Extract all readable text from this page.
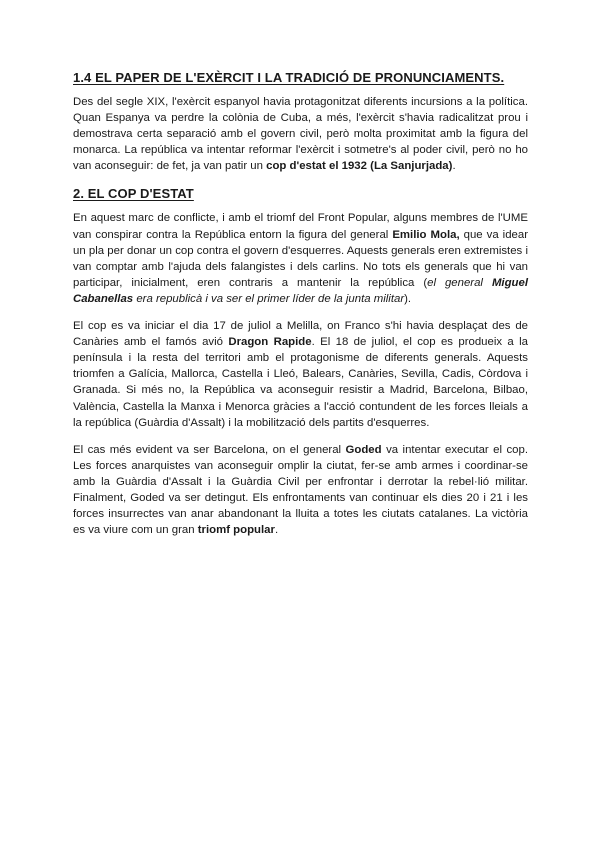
1.4 EL PAPER DE L'EXÈRCIT I LA TRADICIÓ DE PRONUNCIAMENTS.

Des del segle XIX, l'exèrcit espanyol havia protagonitzat diferents incursions a la política. Quan Espanya va perdre la colònia de Cuba, a més, l'exèrcit s'havia radicalitzat prou i demostrava certa separació amb el govern civil, però molta proximitat amb la figura del monarca. La república va intentar reformar l'exèrcit i sotmetre's al poder civil, però no ho van aconseguir: de fet, ja van patir un cop d'estat el 1932 (La Sanjurjada).

2. EL COP D'ESTAT

En aquest marc de conflicte, i amb el triomf del Front Popular, alguns membres de l'UME van conspirar contra la República entorn la figura del general Emilio Mola, que va idear un pla per donar un cop contra el govern d'esquerres. Aquests generals eren extremistes i van comptar amb l'ajuda dels falangistes i dels carlins. No tots els generals que hi van participar, inicialment, eren contraris a mantenir la república (el general Miguel Cabanellas era republicà i va ser el primer líder de la junta militar).

El cop es va iniciar el dia 17 de juliol a Melilla, on Franco s'hi havia desplaçat des de Canàries amb el famós avió Dragon Rapide. El 18 de juliol, el cop es produeix a la península i la resta del territori amb el protagonisme de diferents generals. Aquests triomfen a Galícia, Mallorca, Castella i Lleó, Balears, Canàries, Sevilla, Cadis, Còrdova i Granada. Si més no, la República va aconseguir resistir a Madrid, Barcelona, Bilbao, València, Castella la Manxa i Menorca gràcies a l'acció contundent de les forces lleials a la república (Guàrdia d'Assalt) i la mobilització dels partits d'esquerres.

El cas més evident va ser Barcelona, on el general Goded va intentar executar el cop. Les forces anarquistes van aconseguir omplir la ciutat, fer-se amb armes i coordinar-se amb la Guàrdia d'Assalt i la Guàrdia Civil per enfrontar i derrotar la rebel·lió militar. Finalment, Goded va ser detingut. Els enfrontaments van continuar els dies 20 i 21 i les forces insurrectes van anar abandonant la lluita a totes les ciutats catalanes. La victòria es va viure com un gran triomf popular.
